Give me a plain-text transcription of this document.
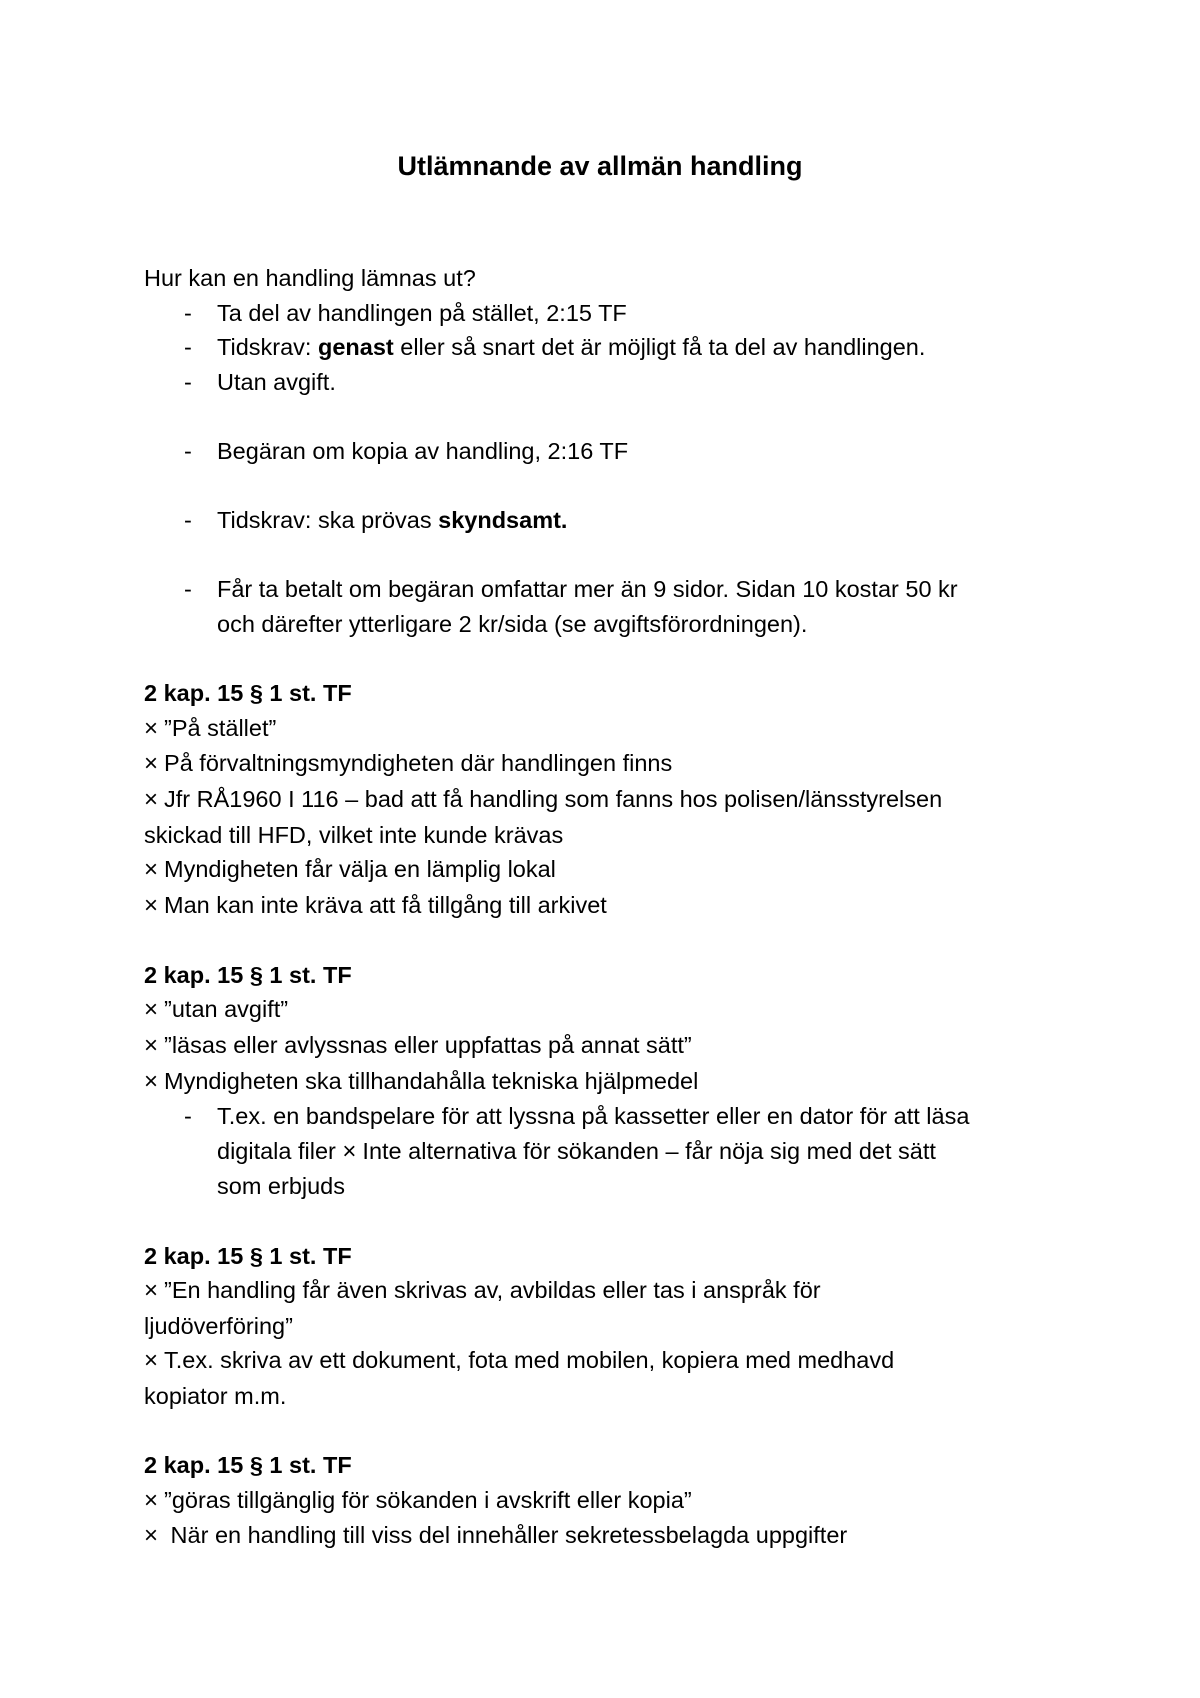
Utlämnande av allmän handling

Hur kan en handling lämnas ut?

- Ta del av handlingen på stället, 2:15 TF
- Tidskrav: genast eller så snart det är möjligt få ta del av handlingen.
- Utan avgift.
- Begäran om kopia av handling, 2:16 TF
- Tidskrav: ska prövas skyndsamt.
- Får ta betalt om begäran omfattar mer än 9 sidor. Sidan 10 kostar 50 kr
och därefter ytterligare 2 kr/sida (se avgiftsförordningen).

2 kap. 15 § 1 st. TF

× ”På stället”

× På förvaltningsmyndigheten där handlingen finns

× Jfr RÅ1960 I 116 – bad att få handling som fanns hos polisen/länsstyrelsen

skickad till HFD, vilket inte kunde krävas

× Myndigheten får välja en lämplig lokal

× Man kan inte kräva att få tillgång till arkivet

2 kap. 15 § 1 st. TF

× ”utan avgift”

× ”läsas eller avlyssnas eller uppfattas på annat sätt”

× Myndigheten ska tillhandahålla tekniska hjälpmedel

- T.ex. en bandspelare för att lyssna på kassetter eller en dator för att läsa
digitala filer × Inte alternativa för sökanden – får nöja sig med det sätt
som erbjuds

2 kap. 15 § 1 st. TF

× ”En handling får även skrivas av, avbildas eller tas i anspråk för

ljudöverföring”

× T.ex. skriva av ett dokument, fota med mobilen, kopiera med medhavd

kopiator m.m.

2 kap. 15 § 1 st. TF

× ”göras tillgänglig för sökanden i avskrift eller kopia”

× När en handling till viss del innehåller sekretessbelagda uppgifter
